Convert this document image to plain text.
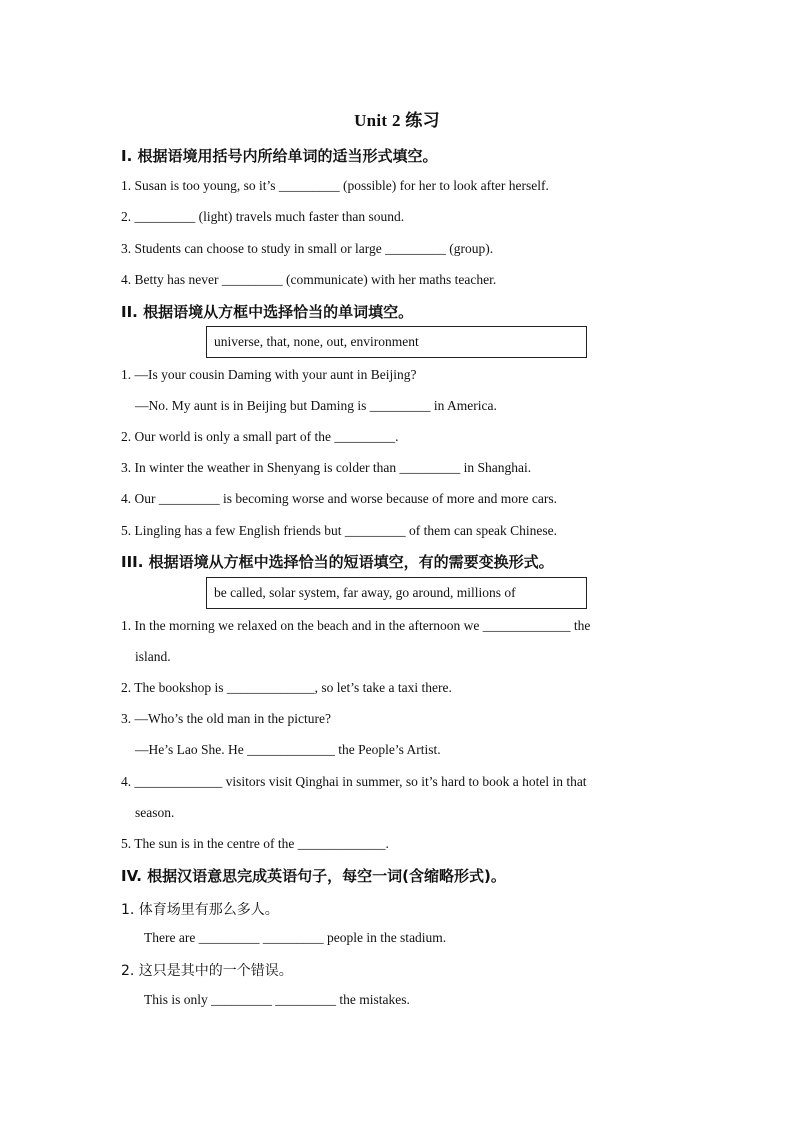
Unit 2 练习
Ⅰ. 根据语境用括号内所给单词的适当形式填空。
1. Susan is too young, so it’s _________ (possible) for her to look after herself.
2. _________ (light) travels much faster than sound.
3. Students can choose to study in small or large _________ (group).
4. Betty has never _________ (communicate) with her maths teacher.
II. 根据语境从方框中选择恰当的单词填空。
universe, that, none, out, environment
1. —Is your cousin Daming with your aunt in Beijing?
—No. My aunt is in Beijing but Daming is _________ in America.
2. Our world is only a small part of the _________.
3. In winter the weather in Shenyang is colder than _________ in Shanghai.
4. Our _________ is becoming worse and worse because of more and more cars.
5. Lingling has a few English friends but _________ of them can speak Chinese.
III. 根据语境从方框中选择恰当的短语填空，有的需要变换形式。
be called, solar system, far away, go around, millions of
1. In the morning we relaxed on the beach and in the afternoon we _____________ the
island.
2. The bookshop is _____________, so let’s take a taxi there.
3. —Who’s the old man in the picture?
—He’s Lao She. He _____________ the People’s Artist.
4. _____________ visitors visit Qinghai in summer, so it’s hard to book a hotel in that
season.
5. The sun is in the centre of the _____________.
IV. 根据汉语意思完成英语句子，每空一词(含缩略形式)。
1. 体育场里有那么多人。
There are _________ _________ people in the stadium.
2. 这只是其中的一个错误。
This is only _________ _________ the mistakes.
